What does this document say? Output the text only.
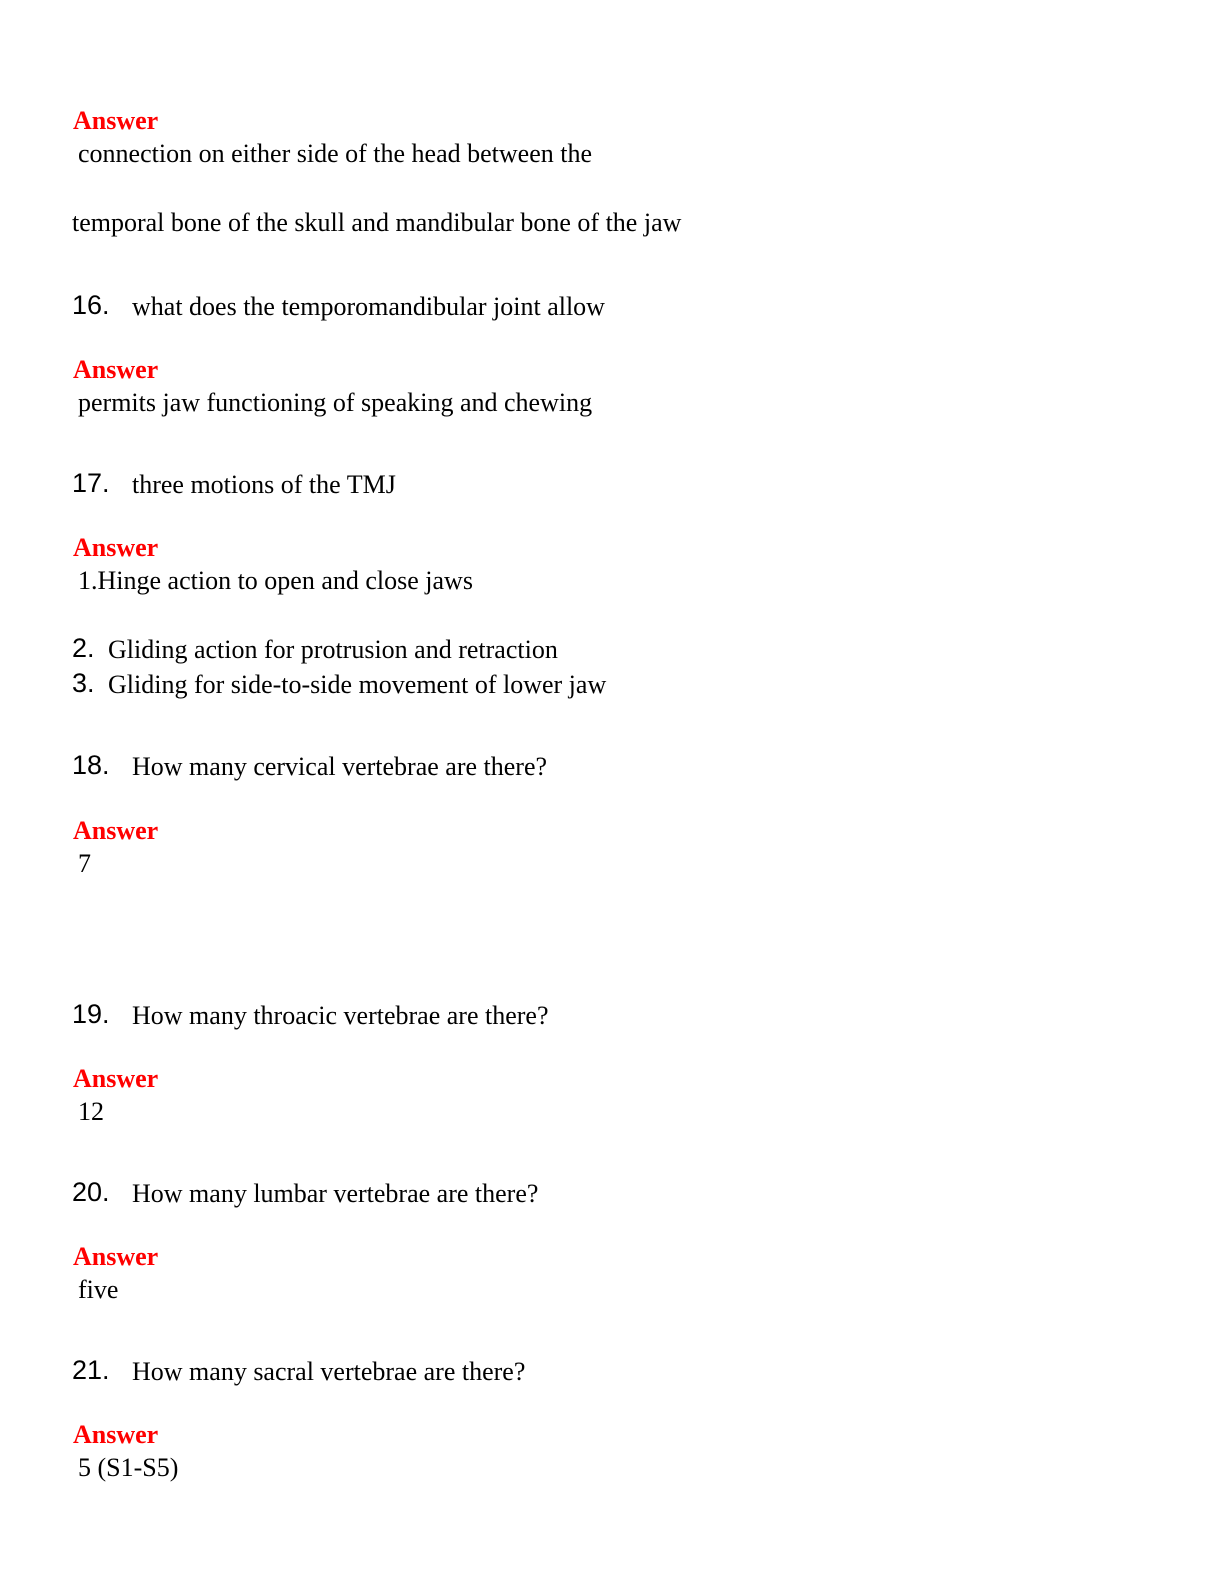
Answer
connection on either side of the head between the
temporal bone of the skull and mandibular bone of the jaw
16. what does the temporomandibular joint allow
Answer
permits jaw functioning of speaking and chewing
17. three motions of the TMJ
Answer
1.Hinge action to open and close jaws
2. Gliding action for protrusion and retraction
3. Gliding for side-to-side movement of lower jaw
18. How many cervical vertebrae are there?
Answer
7
19. How many throacic vertebrae are there?
Answer
12
20. How many lumbar vertebrae are there?
Answer
five
21. How many sacral vertebrae are there?
Answer
5 (S1-S5)
